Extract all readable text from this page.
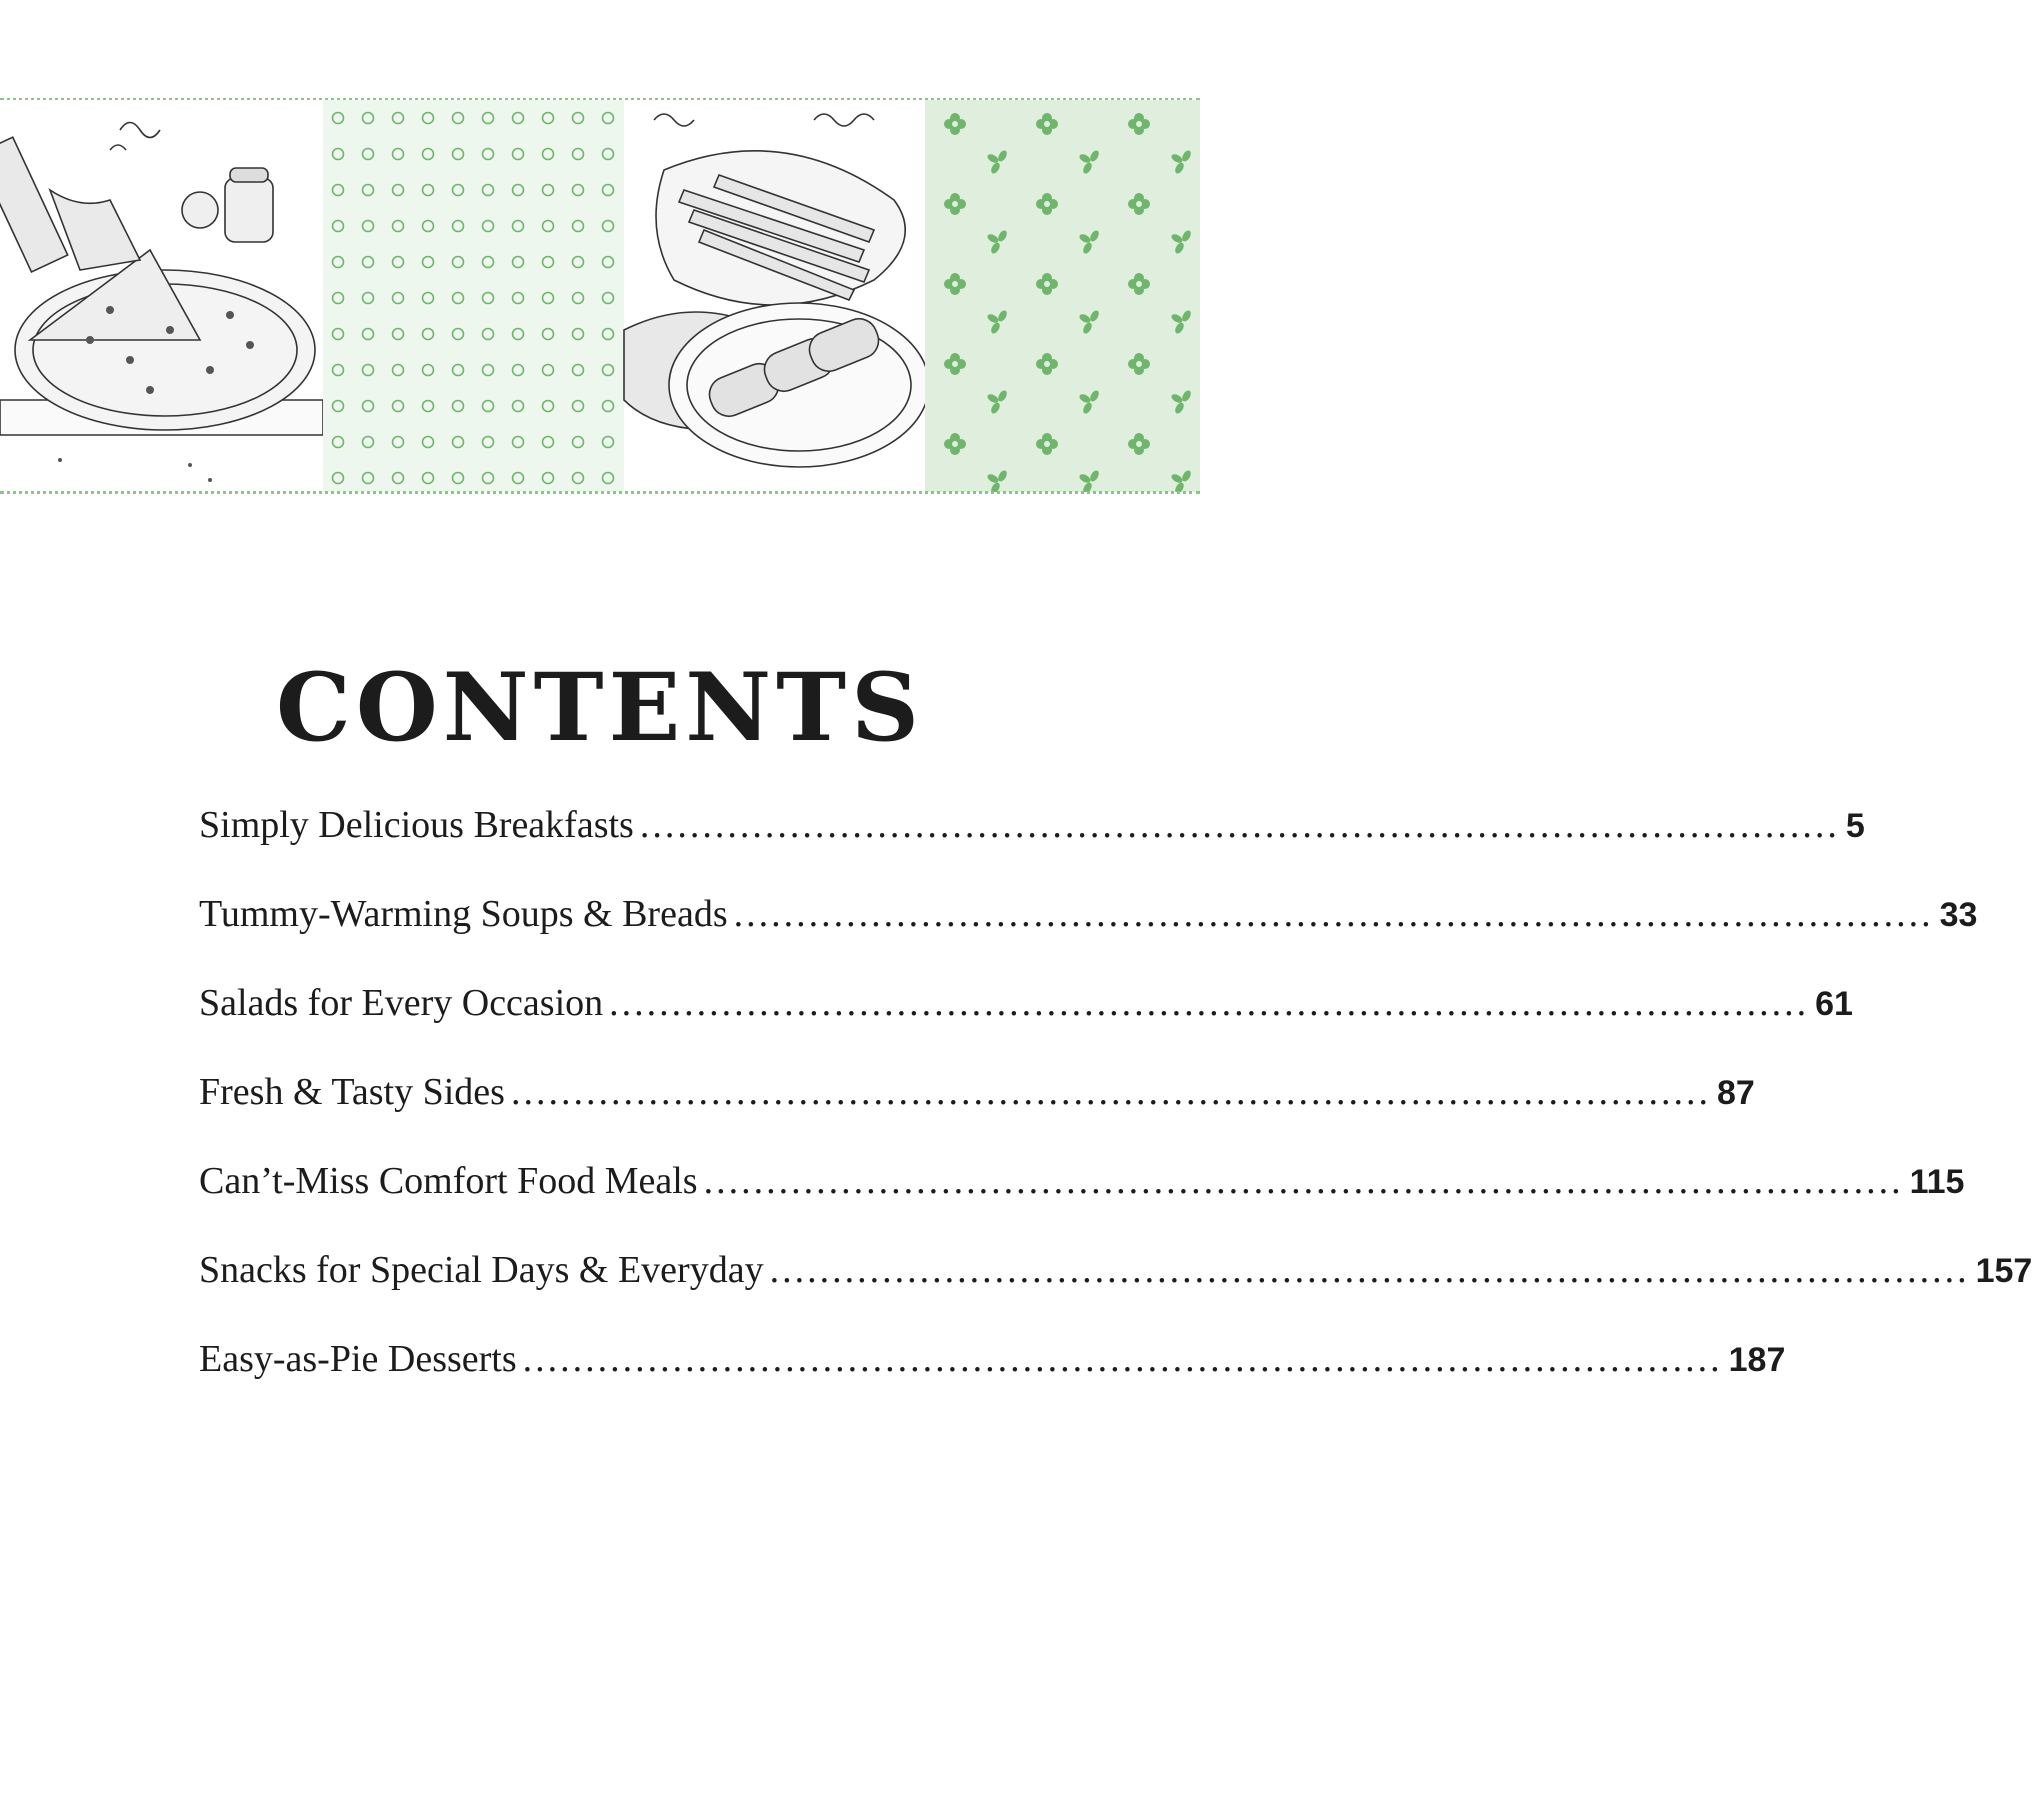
CONTENTS
Simply Delicious Breakfasts ................................................................................................ 5
Tummy-Warming Soups & Breads ................................................................................................ 33
Salads for Every Occasion ................................................................................................ 61
Fresh & Tasty Sides ................................................................................................ 87
Can’t-Miss Comfort Food Meals ................................................................................................ 115
Snacks for Special Days & Everyday ................................................................................................ 157
Easy-as-Pie Desserts ................................................................................................ 187
